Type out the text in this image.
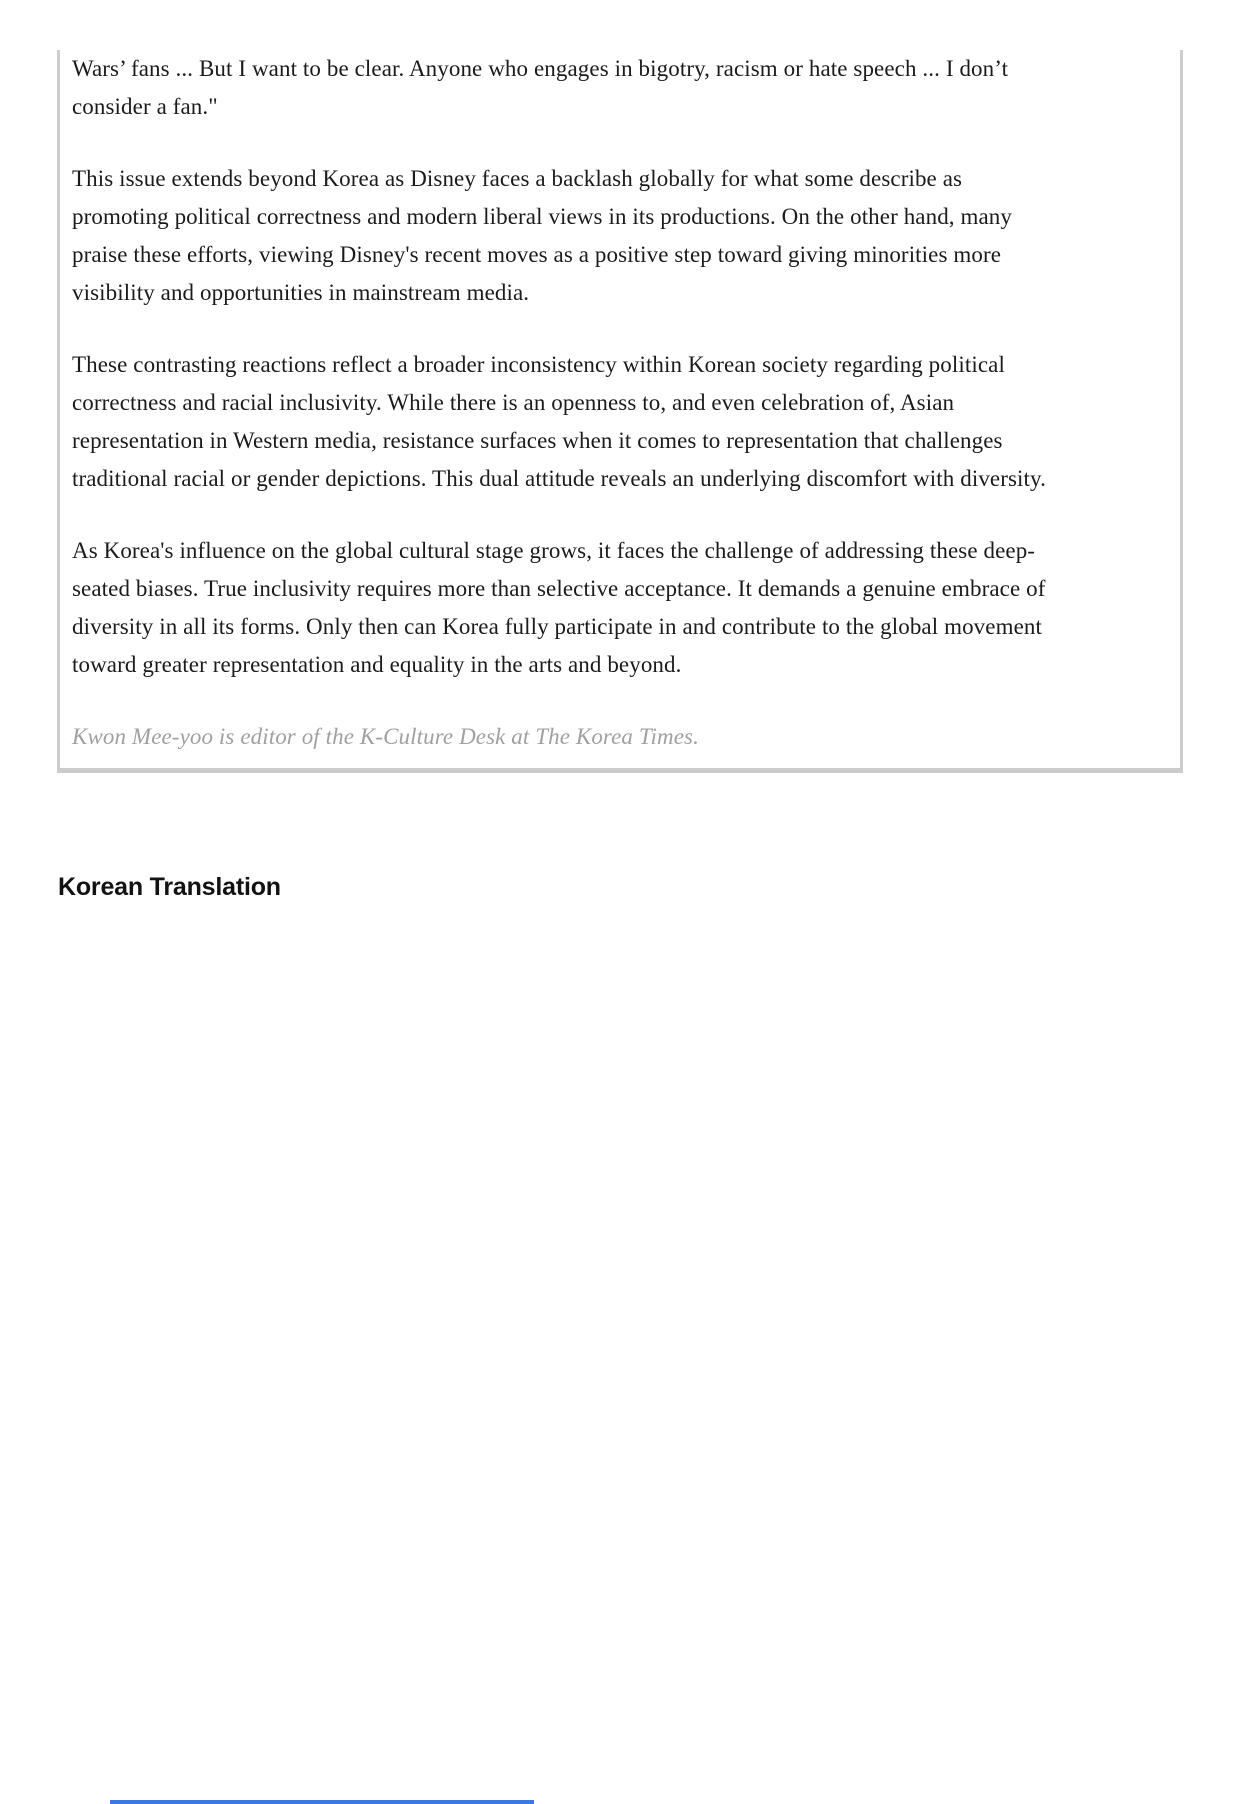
Wars’ fans ... But I want to be clear. Anyone who engages in bigotry, racism or hate speech ... I don’t consider a fan."

This issue extends beyond Korea as Disney faces a backlash globally for what some describe as promoting political correctness and modern liberal views in its productions. On the other hand, many praise these efforts, viewing Disney's recent moves as a positive step toward giving minorities more visibility and opportunities in mainstream media.

These contrasting reactions reflect a broader inconsistency within Korean society regarding political correctness and racial inclusivity. While there is an openness to, and even celebration of, Asian representation in Western media, resistance surfaces when it comes to representation that challenges traditional racial or gender depictions. This dual attitude reveals an underlying discomfort with diversity.

As Korea's influence on the global cultural stage grows, it faces the challenge of addressing these deep-seated biases. True inclusivity requires more than selective acceptance. It demands a genuine embrace of diversity in all its forms. Only then can Korea fully participate in and contribute to the global movement toward greater representation and equality in the arts and beyond.

Kwon Mee-yoo is editor of the K-Culture Desk at The Korea Times.

Korean Translation
